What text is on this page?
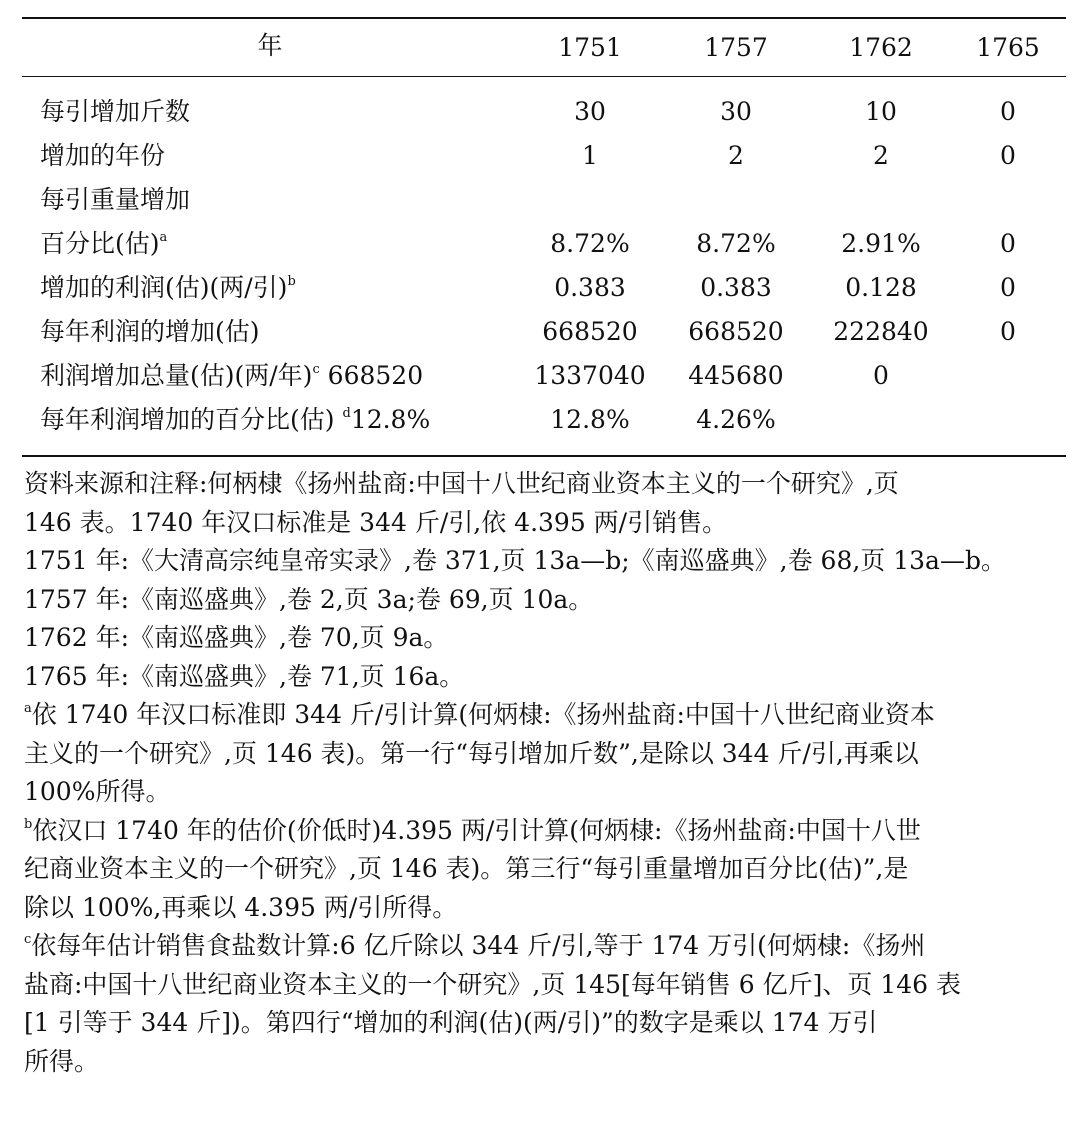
年	1751	1757	1762	1765
每引增加斤数	30	30	10	0
增加的年份	1	2	2	0
每引重量增加
百分比(估)$^a$	8.72%	8.72%	2.91%	0
增加的利润(估)(两/引)$^b$	0.383	0.383	0.128	0
每年利润的增加(估)	668520	668520	222840	0
利润增加总量(估)(两/年)$^c$ 668520	1337040	445680	0
每年利润增加的百分比(估) $^d$12.8%	12.8%	4.26%

资料来源和注释:何柄棣《扬州盐商:中国十八世纪商业资本主义的一个研究》,页

146 表。1740 年汉口标准是 344 斤/引,依 4.395 两/引销售。

1751 年:《大清高宗纯皇帝实录》,卷 371,页 13a—b;《南巡盛典》,卷 68,页 13a—b。

1757 年:《南巡盛典》,卷 2,页 3a;卷 69,页 10a。

1762 年:《南巡盛典》,卷 70,页 9a。

1765 年:《南巡盛典》,卷 71,页 16a。

$^a$依 1740 年汉口标准即 344 斤/引计算(何炳棣:《扬州盐商:中国十八世纪商业资本

主义的一个研究》,页 146 表)。第一行“每引增加斤数”,是除以 344 斤/引,再乘以

100%所得。

$^b$依汉口 1740 年的估价(价低时)4.395 两/引计算(何炳棣:《扬州盐商:中国十八世

纪商业资本主义的一个研究》,页 146 表)。第三行“每引重量增加百分比(估)”,是

除以 100%,再乘以 4.395 两/引所得。

$^c$依每年估计销售食盐数计算:6 亿斤除以 344 斤/引,等于 174 万引(何炳棣:《扬州

盐商:中国十八世纪商业资本主义的一个研究》,页 145[每年销售 6 亿斤]、页 146 表

[1 引等于 344 斤])。第四行“增加的利润(估)(两/引)”的数字是乘以 174 万引

所得。
